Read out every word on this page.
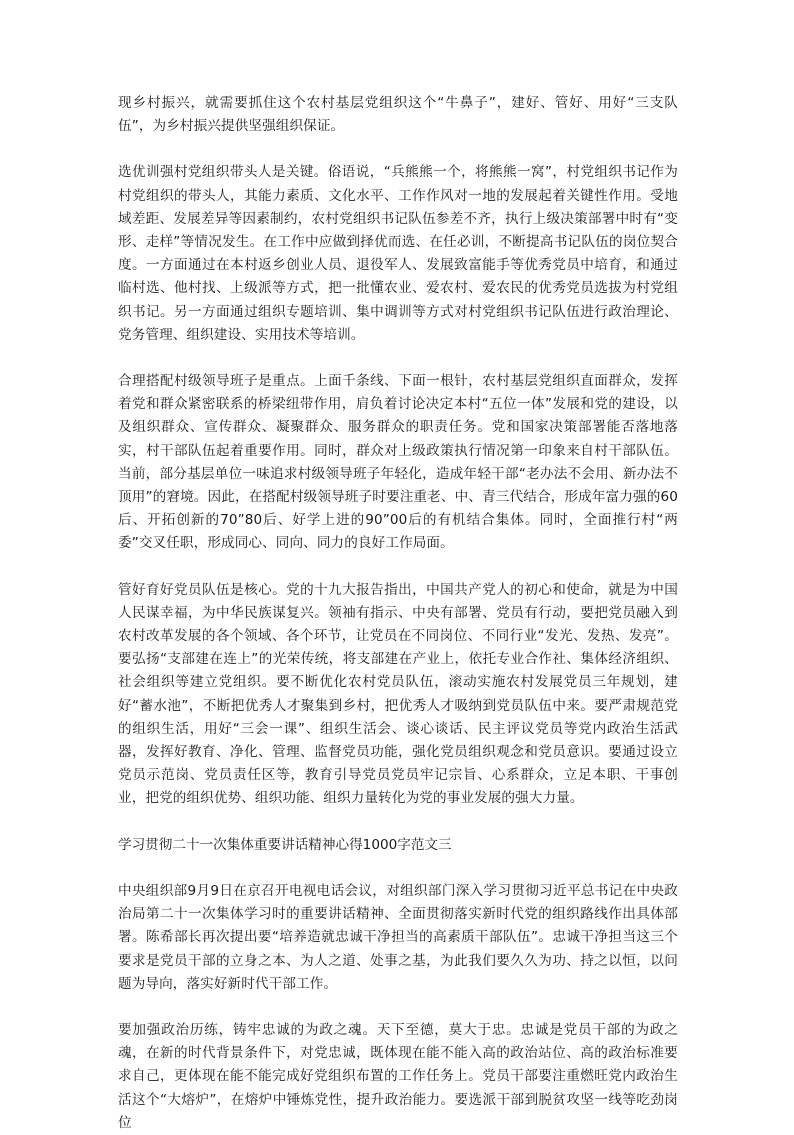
现乡村振兴，就需要抓住这个农村基层党组织这个“牛鼻子”，建好、管好、用好“三支队伍”，为乡村振兴提供坚强组织保证。

选优训强村党组织带头人是关键。俗语说，“兵熊熊一个，将熊熊一窝”，村党组织书记作为村党组织的带头人，其能力素质、文化水平、工作作风对一地的发展起着关键性作用。受地域差距、发展差异等因素制约，农村党组织书记队伍参差不齐，执行上级决策部署中时有“变形、走样”等情况发生。在工作中应做到择优而选、在任必训，不断提高书记队伍的岗位契合度。一方面通过在本村返乡创业人员、退役军人、发展致富能手等优秀党员中培育，和通过临村选、他村找、上级派等方式，把一批懂农业、爱农村、爱农民的优秀党员选拔为村党组织书记。另一方面通过组织专题培训、集中调训等方式对村党组织书记队伍进行政治理论、党务管理、组织建设、实用技术等培训。

合理搭配村级领导班子是重点。上面千条线、下面一根针，农村基层党组织直面群众，发挥着党和群众紧密联系的桥梁纽带作用，肩负着讨论决定本村“五位一体”发展和党的建设，以及组织群众、宣传群众、凝聚群众、服务群众的职责任务。党和国家决策部署能否落地落实，村干部队伍起着重要作用。同时，群众对上级政策执行情况第一印象来自村干部队伍。当前，部分基层单位一味追求村级领导班子年轻化，造成年轻干部“老办法不会用、新办法不顶用”的窘境。因此，在搭配村级领导班子时要注重老、中、青三代结合，形成年富力强的60后、开拓创新的70”80后、好学上进的90”00后的有机结合集体。同时，全面推行村“两委”交叉任职，形成同心、同向、同力的良好工作局面。

管好育好党员队伍是核心。党的十九大报告指出，中国共产党人的初心和使命，就是为中国人民谋幸福，为中华民族谋复兴。领袖有指示、中央有部署、党员有行动，要把党员融入到农村改革发展的各个领域、各个环节，让党员在不同岗位、不同行业“发光、发热、发亮”。要弘扬“支部建在连上”的光荣传统，将支部建在产业上，依托专业合作社、集体经济组织、社会组织等建立党组织。要不断优化农村党员队伍，滚动实施农村发展党员三年规划，建好“蓄水池”，不断把优秀人才聚集到乡村，把优秀人才吸纳到党员队伍中来。要严肃规范党的组织生活，用好“三会一课”、组织生活会、谈心谈话、民主评议党员等党内政治生活武器，发挥好教育、净化、管理、监督党员功能，强化党员组织观念和党员意识。要通过设立党员示范岗、党员责任区等，教育引导党员党员牢记宗旨、心系群众，立足本职、干事创业，把党的组织优势、组织功能、组织力量转化为党的事业发展的强大力量。

学习贯彻二十一次集体重要讲话精神心得1000字范文三

中央组织部9月9日在京召开电视电话会议，对组织部门深入学习贯彻习近平总书记在中央政治局第二十一次集体学习时的重要讲话精神、全面贯彻落实新时代党的组织路线作出具体部署。陈希部长再次提出要“培养造就忠诚干净担当的高素质干部队伍”。忠诚干净担当这三个要求是党员干部的立身之本、为人之道、处事之基，为此我们要久久为功、持之以恒，以问题为导向，落实好新时代干部工作。

要加强政治历练，铸牢忠诚的为政之魂。天下至德，莫大于忠。忠诚是党员干部的为政之魂，在新的时代背景条件下，对党忠诚，既体现在能不能入高的政治站位、高的政治标准要求自己，更体现在能不能完成好党组织布置的工作任务上。党员干部要注重燃旺党内政治生活这个“大熔炉”，在熔炉中锤炼党性，提升政治能力。要选派干部到脱贫攻坚一线等吃劲岗位
